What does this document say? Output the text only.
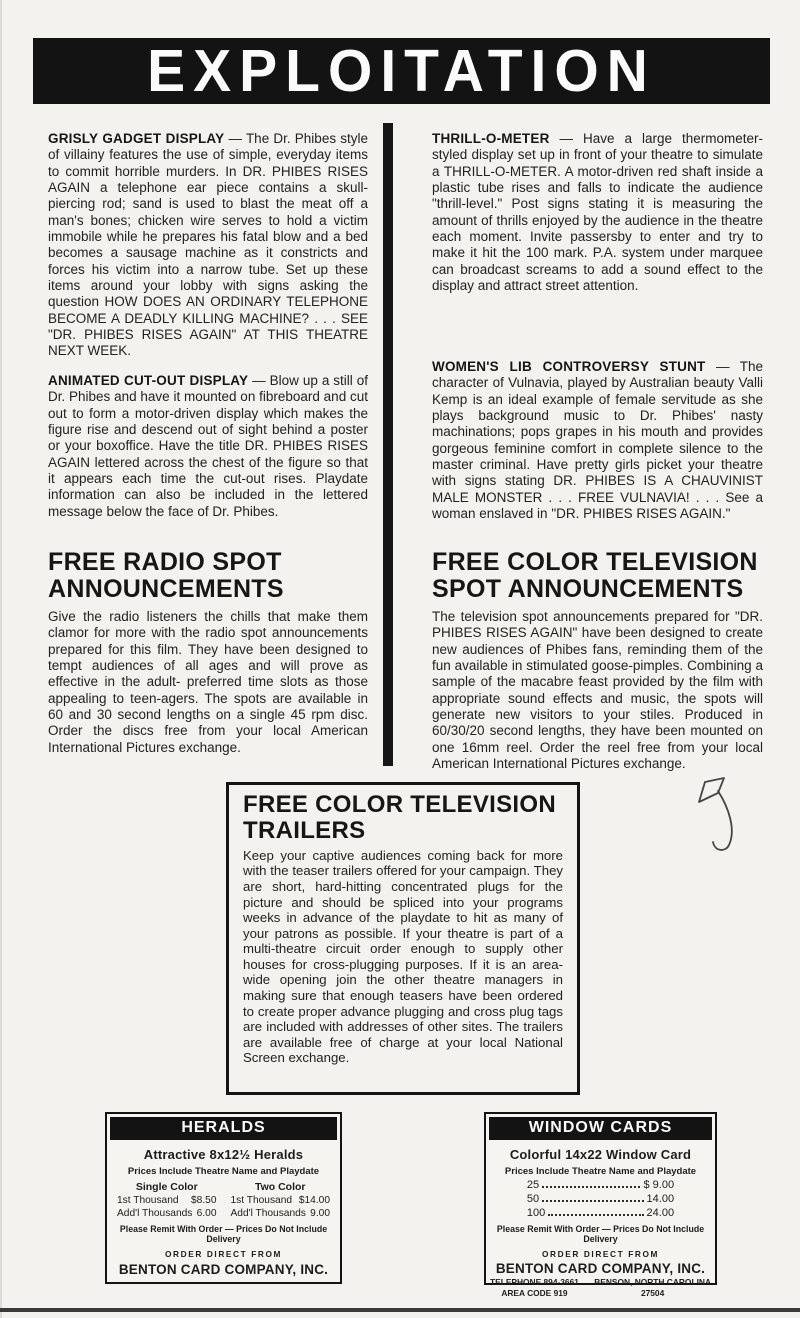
EXPLOITATION

GRISLY GADGET DISPLAY — The Dr. Phibes style of villainy features the use of simple, everyday items to commit horrible murders. In DR. PHIBES RISES AGAIN a telephone ear piece contains a skull-piercing rod; sand is used to blast the meat off a man's bones; chicken wire serves to hold a victim immobile while he prepares his fatal blow and a bed becomes a sausage machine as it constricts and forces his victim into a narrow tube. Set up these items around your lobby with signs asking the question HOW DOES AN ORDINARY TELEPHONE BECOME A DEADLY KILLING MACHINE? . . . SEE "DR. PHIBES RISES AGAIN" AT THIS THEATRE NEXT WEEK.

ANIMATED CUT-OUT DISPLAY — Blow up a still of Dr. Phibes and have it mounted on fibreboard and cut out to form a motor-driven display which makes the figure rise and descend out of sight behind a poster or your boxoffice. Have the title DR. PHIBES RISES AGAIN lettered across the chest of the figure so that it appears each time the cut-out rises. Playdate information can also be included in the lettered message below the face of Dr. Phibes.

FREE RADIO SPOT
ANNOUNCEMENTS

Give the radio listeners the chills that make them clamor for more with the radio spot announcements prepared for this film. They have been designed to tempt audiences of all ages and will prove as effective in the adult- preferred time slots as those appealing to teen-agers. The spots are available in 60 and 30 second lengths on a single 45 rpm disc. Order the discs free from your local American International Pictures exchange.

THRILL-O-METER — Have a large thermometer-styled display set up in front of your theatre to simulate a THRILL-O-METER. A motor-driven red shaft inside a plastic tube rises and falls to indicate the audience "thrill-level." Post signs stating it is measuring the amount of thrills enjoyed by the audience in the theatre each moment. Invite passersby to enter and try to make it hit the 100 mark. P.A. system under marquee can broadcast screams to add a sound effect to the display and attract street attention.

WOMEN'S LIB CONTROVERSY STUNT — The character of Vulnavia, played by Australian beauty Valli Kemp is an ideal example of female servitude as she plays background music to Dr. Phibes' nasty machinations; pops grapes in his mouth and provides gorgeous feminine comfort in complete silence to the master criminal. Have pretty girls picket your theatre with signs stating DR. PHIBES IS A CHAUVINIST MALE MONSTER . . . FREE VULNAVIA! . . . See a woman enslaved in "DR. PHIBES RISES AGAIN."

FREE COLOR TELEVISION
SPOT ANNOUNCEMENTS

The television spot announcements prepared for "DR. PHIBES RISES AGAIN" have been designed to create new audiences of Phibes fans, reminding them of the fun available in stimulated goose-pimples. Combining a sample of the macabre feast provided by the film with appropriate sound effects and music, the spots will generate new visitors to your stiles. Produced in 60/30/20 second lengths, they have been mounted on one 16mm reel. Order the reel free from your local American International Pictures exchange.

FREE COLOR TELEVISION
TRAILERS

Keep your captive audiences coming back for more with the teaser trailers offered for your campaign. They are short, hard-hitting concentrated plugs for the picture and should be spliced into your programs weeks in advance of the playdate to hit as many of your patrons as possible. If your theatre is part of a multi-theatre circuit order enough to supply other houses for cross-plugging purposes. If it is an area-wide opening join the other theatre managers in making sure that enough teasers have been ordered to create proper advance plugging and cross plug tags are included with addresses of other sites. The trailers are available free of charge at your local National Screen exchange.

HERALDS
Attractive 8x12½ Heralds
Prices Include Theatre Name and Playdate
Single Color	Two Color
1st Thousand $8.50 1st Thousand $14.00
Add'l Thousands 6.00 Add'l Thousands 9.00
Please Remit With Order — Prices Do Not Include Delivery
ORDER DIRECT FROM
BENTON CARD COMPANY, INC.
WINDOW CARDS
Colorful 14x22 Window Card
Prices Include Theatre Name and Playdate
25	$ 9.00
50	14.00
100	24.00
Please Remit With Order — Prices Do Not Include Delivery
ORDER DIRECT FROM
BENTON CARD COMPANY, INC.
TELEPHONE 894-3661
AREA CODE 919
BENSON, NORTH CAROLINA
27504
